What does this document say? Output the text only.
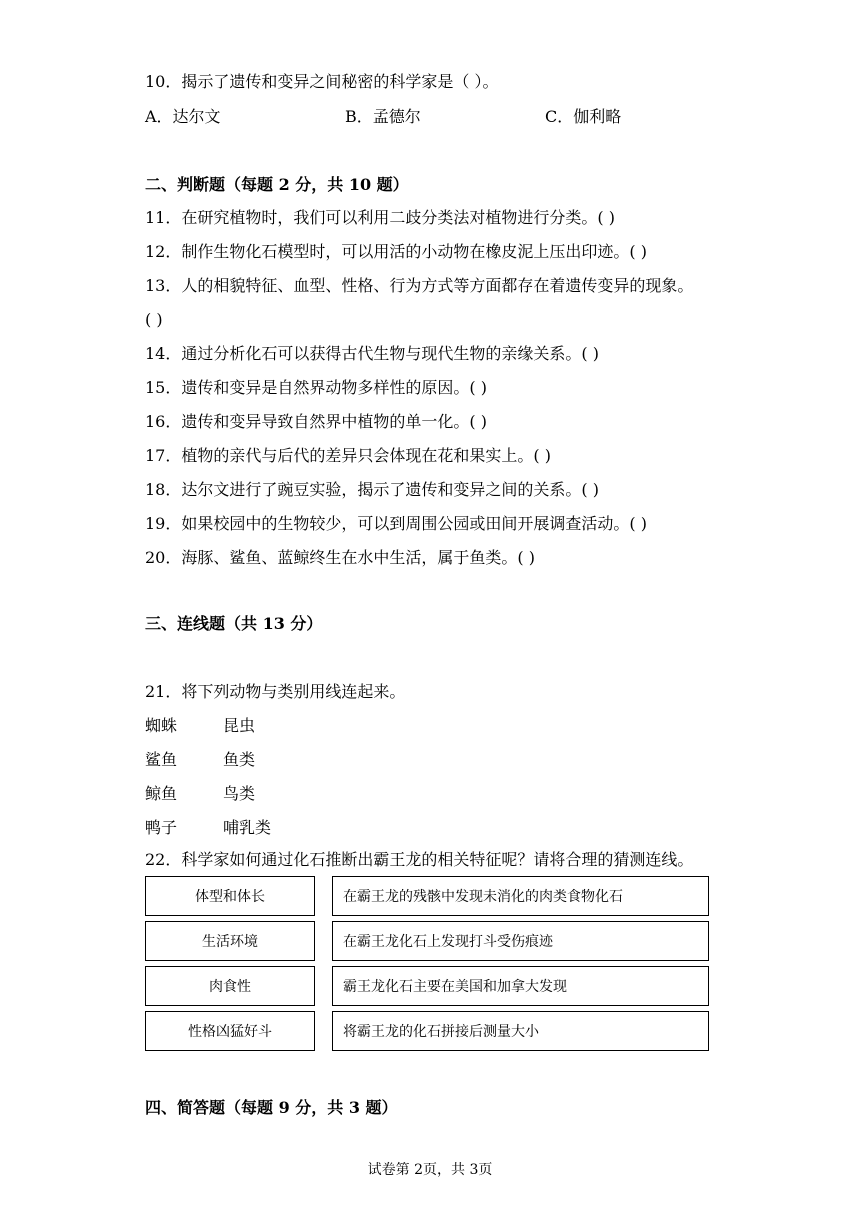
10．揭示了遗传和变异之间秘密的科学家是（ ）。
A．达尔文	B．孟德尔	C．伽利略
二、判断题（每题 2 分，共 10 题）
11．在研究植物时，我们可以利用二歧分类法对植物进行分类。( )
12．制作生物化石模型时，可以用活的小动物在橡皮泥上压出印迹。( )
13．人的相貌特征、血型、性格、行为方式等方面都存在着遗传变异的现象。
( )
14．通过分析化石可以获得古代生物与现代生物的亲缘关系。( )
15．遗传和变异是自然界动物多样性的原因。( )
16．遗传和变异导致自然界中植物的单一化。( )
17．植物的亲代与后代的差异只会体现在花和果实上。( )
18．达尔文进行了豌豆实验，揭示了遗传和变异之间的关系。( )
19．如果校园中的生物较少，可以到周围公园或田间开展调查活动。( )
20．海豚、鲨鱼、蓝鲸终生在水中生活，属于鱼类。( )
三、连线题（共 13 分）
21．将下列动物与类别用线连起来。
蜘蛛	昆虫
鲨鱼	鱼类
鲸鱼	鸟类
鸭子	哺乳类
22．科学家如何通过化石推断出霸王龙的相关特征呢？请将合理的猜测连线。
体型和体长	在霸王龙的残骸中发现未消化的肉类食物化石
生活环境	在霸王龙化石上发现打斗受伤痕迹
肉食性	霸王龙化石主要在美国和加拿大发现
性格凶猛好斗	将霸王龙的化石拼接后测量大小
四、简答题（每题 9 分，共 3 题）
试卷第 2页，共 3页
